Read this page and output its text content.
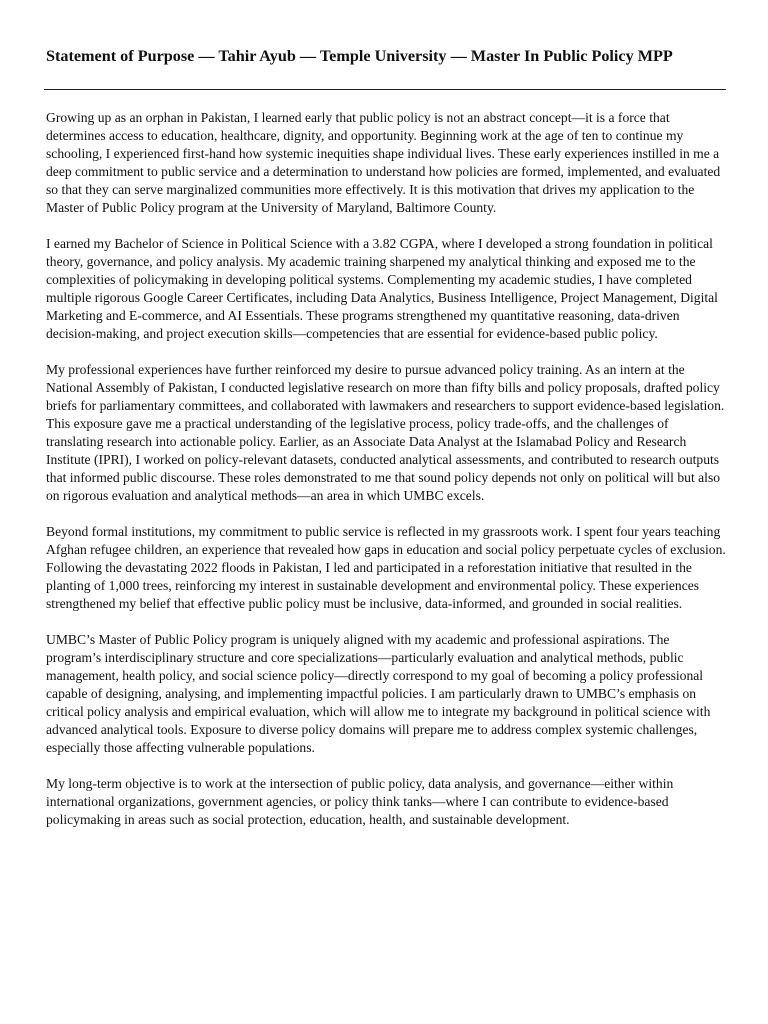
Statement of Purpose — Tahir Ayub — Temple University — Master In Public Policy MPP

Growing up as an orphan in Pakistan, I learned early that public policy is not an abstract concept—it is a force that determines access to education, healthcare, dignity, and opportunity. Beginning work at the age of ten to continue my schooling, I experienced first-hand how systemic inequities shape individual lives. These early experiences instilled in me a deep commitment to public service and a determination to understand how policies are formed, implemented, and evaluated so that they can serve marginalized communities more effectively. It is this motivation that drives my application to the Master of Public Policy program at the University of Maryland, Baltimore County.

I earned my Bachelor of Science in Political Science with a 3.82 CGPA, where I developed a strong foundation in political theory, governance, and policy analysis. My academic training sharpened my analytical thinking and exposed me to the complexities of policymaking in developing political systems. Complementing my academic studies, I have completed multiple rigorous Google Career Certificates, including Data Analytics, Business Intelligence, Project Management, Digital Marketing and E-commerce, and AI Essentials. These programs strengthened my quantitative reasoning, data-driven decision-making, and project execution skills—competencies that are essential for evidence-based public policy.

My professional experiences have further reinforced my desire to pursue advanced policy training. As an intern at the National Assembly of Pakistan, I conducted legislative research on more than fifty bills and policy proposals, drafted policy briefs for parliamentary committees, and collaborated with lawmakers and researchers to support evidence-based legislation. This exposure gave me a practical understanding of the legislative process, policy trade-offs, and the challenges of translating research into actionable policy. Earlier, as an Associate Data Analyst at the Islamabad Policy and Research Institute (IPRI), I worked on policy-relevant datasets, conducted analytical assessments, and contributed to research outputs that informed public discourse. These roles demonstrated to me that sound policy depends not only on political will but also on rigorous evaluation and analytical methods—an area in which UMBC excels.

Beyond formal institutions, my commitment to public service is reflected in my grassroots work. I spent four years teaching Afghan refugee children, an experience that revealed how gaps in education and social policy perpetuate cycles of exclusion. Following the devastating 2022 floods in Pakistan, I led and participated in a reforestation initiative that resulted in the planting of 1,000 trees, reinforcing my interest in sustainable development and environmental policy. These experiences strengthened my belief that effective public policy must be inclusive, data-informed, and grounded in social realities.

UMBC’s Master of Public Policy program is uniquely aligned with my academic and professional aspirations. The program’s interdisciplinary structure and core specializations—particularly evaluation and analytical methods, public management, health policy, and social science policy—directly correspond to my goal of becoming a policy professional capable of designing, analysing, and implementing impactful policies. I am particularly drawn to UMBC’s emphasis on critical policy analysis and empirical evaluation, which will allow me to integrate my background in political science with advanced analytical tools. Exposure to diverse policy domains will prepare me to address complex systemic challenges, especially those affecting vulnerable populations.

My long-term objective is to work at the intersection of public policy, data analysis, and governance—either within international organizations, government agencies, or policy think tanks—where I can contribute to evidence-based policymaking in areas such as social protection, education, health, and sustainable development.
